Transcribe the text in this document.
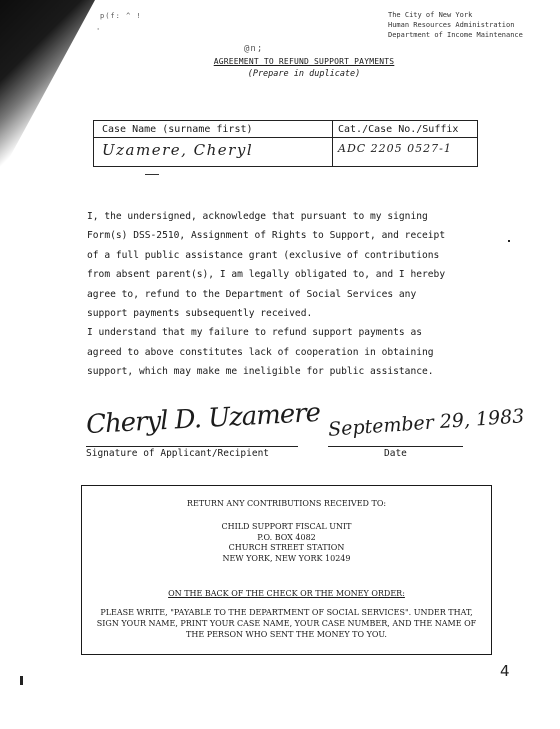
p(f: ^ !
'
@n;
The City of New York
Human Resources Administration
Department of Income Maintenance
AGREEMENT TO REFUND SUPPORT PAYMENTS
(Prepare in duplicate)
Case Name (surname first)
Uzamere, Cheryl
Cat./Case No./Suffix
ADC 2205 0527-1
I, the undersigned, acknowledge that pursuant to my signing
Form(s) DSS-2510, Assignment of Rights to Support, and receipt
of a full public assistance grant (exclusive of contributions
from absent parent(s), I am legally obligated to, and I hereby
agree to, refund to the Department of Social Services any
support payments subsequently received.
I understand that my failure to refund support payments as
agreed to above constitutes lack of cooperation in obtaining
support, which may make me ineligible for public assistance.
Cheryl D. Uzamere
Signature of Applicant/Recipient
September 29, 1983
Date
RETURN ANY CONTRIBUTIONS RECEIVED TO:
CHILD SUPPORT FISCAL UNIT
P.O. BOX 4082
CHURCH STREET STATION
NEW YORK, NEW YORK 10249
ON THE BACK OF THE CHECK OR THE MONEY ORDER:
PLEASE WRITE, "PAYABLE TO THE DEPARTMENT OF SOCIAL SERVICES". UNDER THAT,
SIGN YOUR NAME, PRINT YOUR CASE NAME, YOUR CASE NUMBER, AND THE NAME OF
THE PERSON WHO SENT THE MONEY TO YOU.
4
